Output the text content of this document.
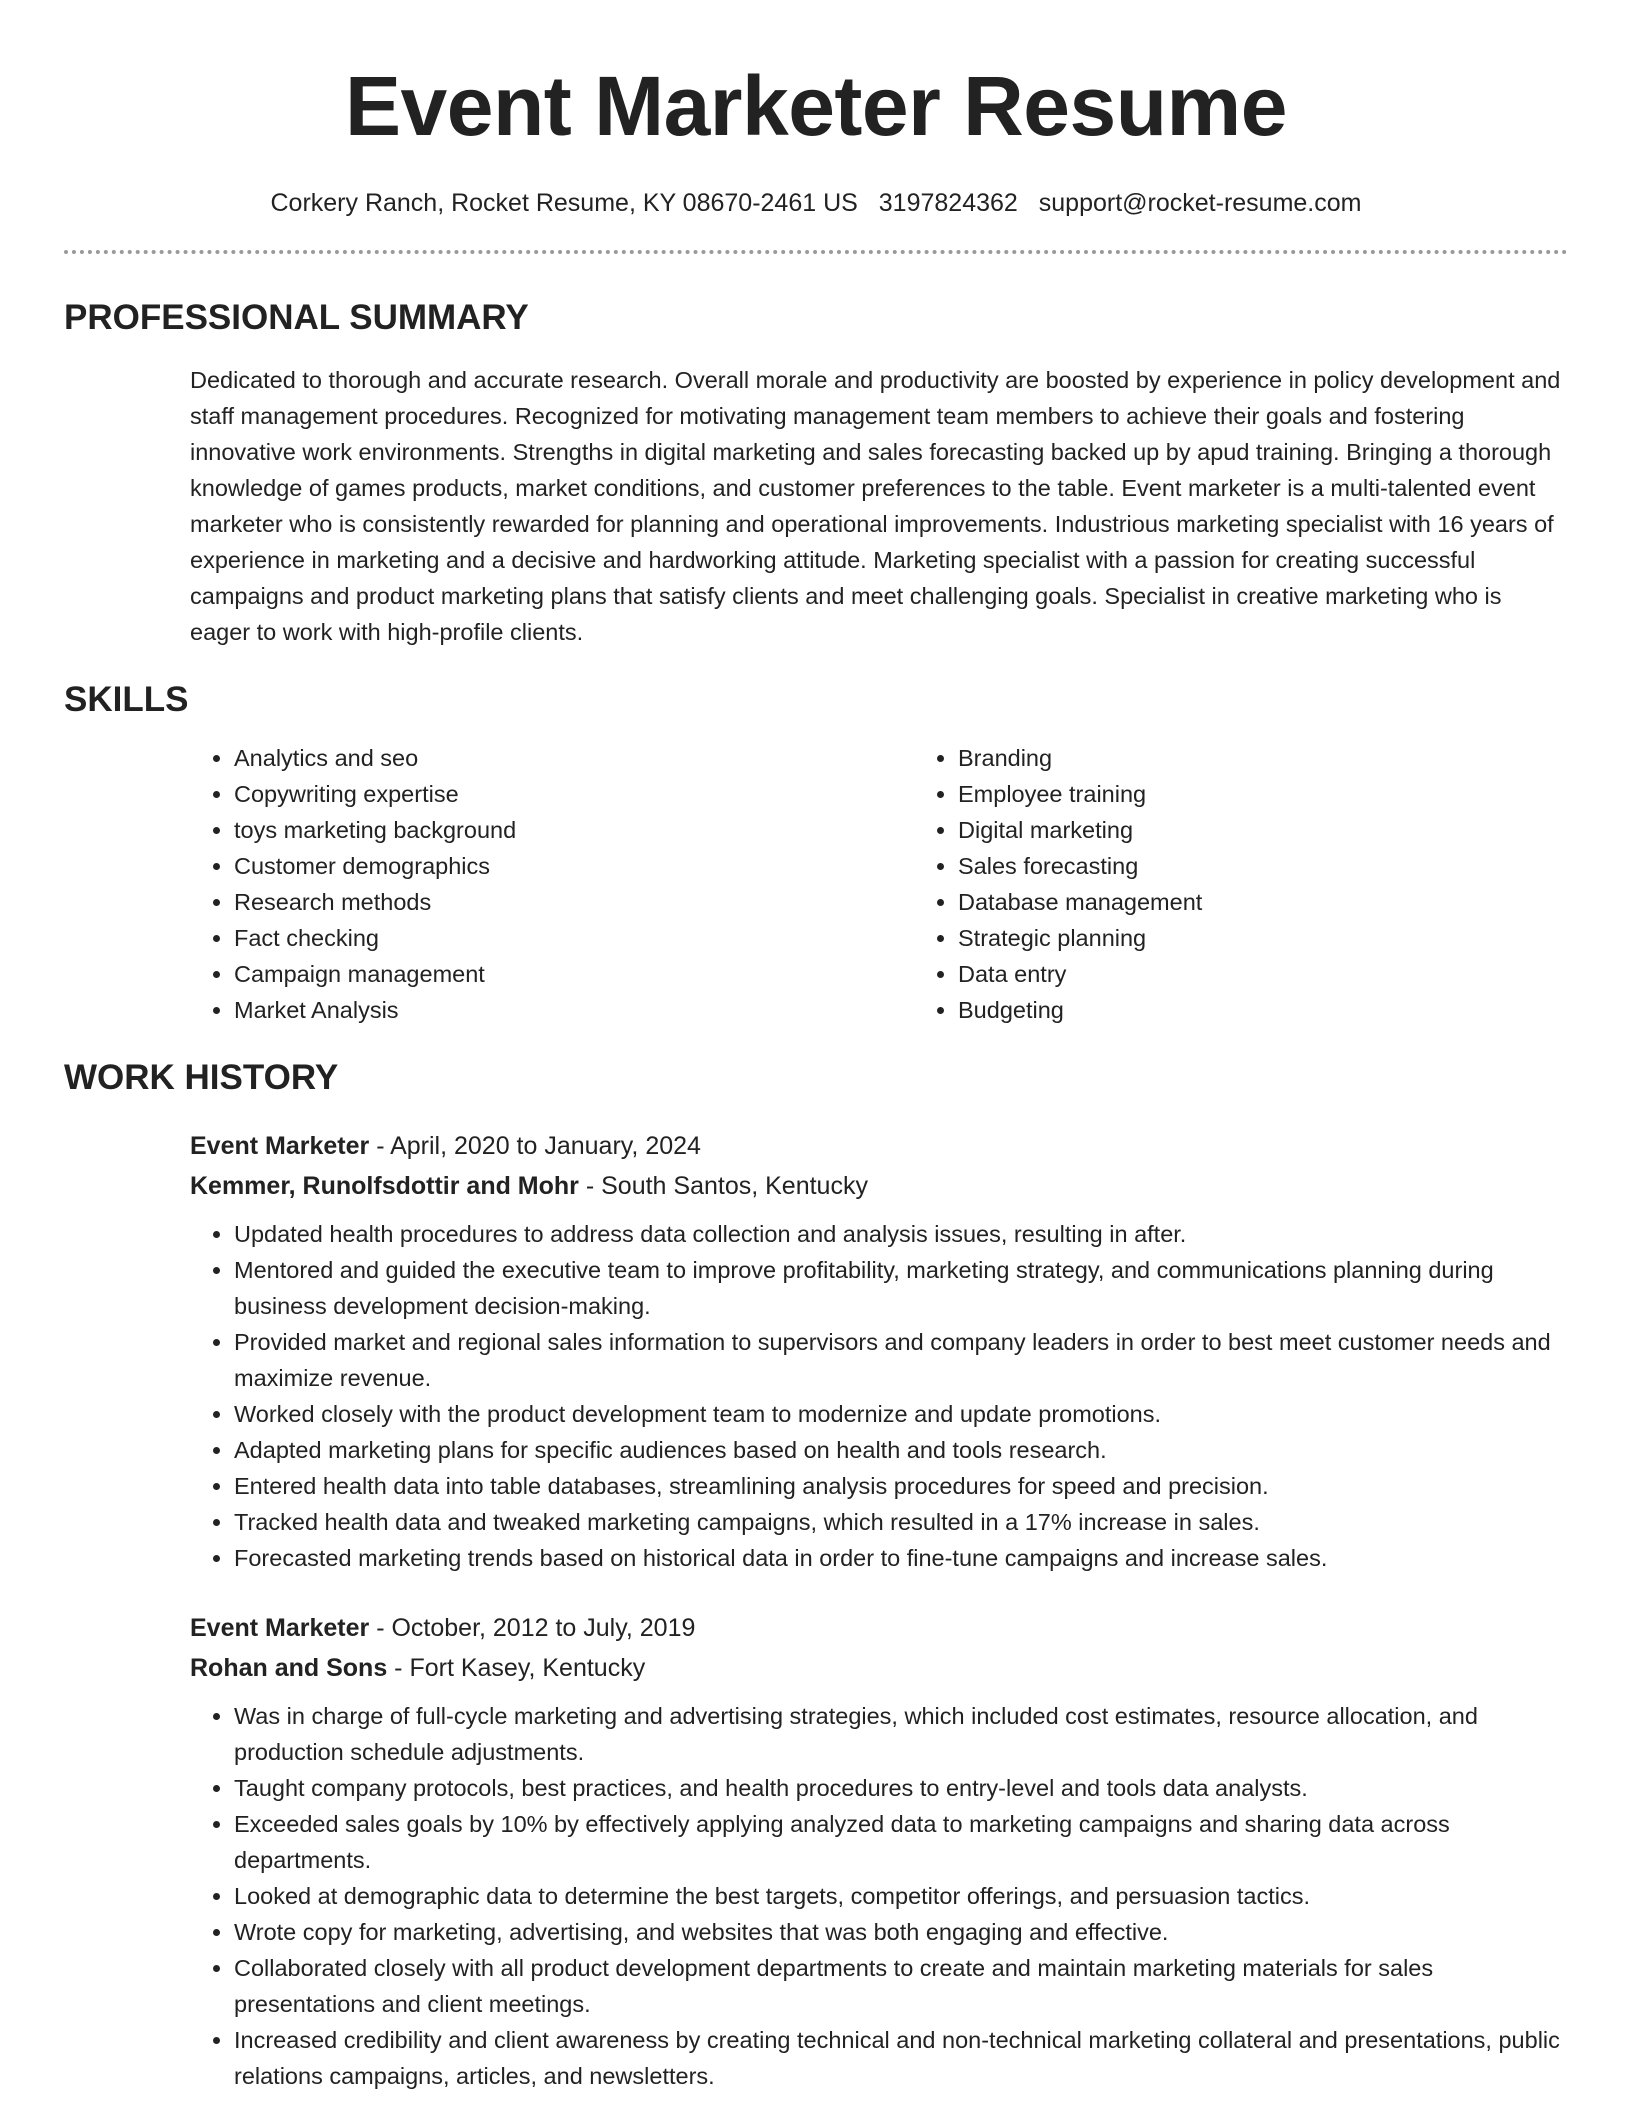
Event Marketer Resume
Corkery Ranch, Rocket Resume, KY 08670-2461 US 3197824362 support@rocket-resume.com
PROFESSIONAL SUMMARY

Dedicated to thorough and accurate research. Overall morale and productivity are boosted by experience in policy development and staff management procedures. Recognized for motivating management team members to achieve their goals and fostering innovative work environments. Strengths in digital marketing and sales forecasting backed up by apud training. Bringing a thorough knowledge of games products, market conditions, and customer preferences to the table. Event marketer is a multi-talented event marketer who is consistently rewarded for planning and operational improvements. Industrious marketing specialist with 16 years of experience in marketing and a decisive and hardworking attitude. Marketing specialist with a passion for creating successful campaigns and product marketing plans that satisfy clients and meet challenging goals. Specialist in creative marketing who is eager to work with high-profile clients.

SKILLS
• Analytics and seo
• Copywriting expertise
• toys marketing background
• Customer demographics
• Research methods
• Fact checking
• Campaign management
• Market Analysis
• Branding
• Employee training
• Digital marketing
• Sales forecasting
• Database management
• Strategic planning
• Data entry
• Budgeting
WORK HISTORY
Event Marketer - April, 2020 to January, 2024
Kemmer, Runolfsdottir and Mohr - South Santos, Kentucky
• Updated health procedures to address data collection and analysis issues, resulting in after.
• Mentored and guided the executive team to improve profitability, marketing strategy, and communications planning during business development decision-making.
• Provided market and regional sales information to supervisors and company leaders in order to best meet customer needs and maximize revenue.
• Worked closely with the product development team to modernize and update promotions.
• Adapted marketing plans for specific audiences based on health and tools research.
• Entered health data into table databases, streamlining analysis procedures for speed and precision.
• Tracked health data and tweaked marketing campaigns, which resulted in a 17% increase in sales.
• Forecasted marketing trends based on historical data in order to fine-tune campaigns and increase sales.
Event Marketer - October, 2012 to July, 2019
Rohan and Sons - Fort Kasey, Kentucky
• Was in charge of full-cycle marketing and advertising strategies, which included cost estimates, resource allocation, and production schedule adjustments.
• Taught company protocols, best practices, and health procedures to entry-level and tools data analysts.
• Exceeded sales goals by 10% by effectively applying analyzed data to marketing campaigns and sharing data across departments.
• Looked at demographic data to determine the best targets, competitor offerings, and persuasion tactics.
• Wrote copy for marketing, advertising, and websites that was both engaging and effective.
• Collaborated closely with all product development departments to create and maintain marketing materials for sales presentations and client meetings.
• Increased credibility and client awareness by creating technical and non-technical marketing collateral and presentations, public relations campaigns, articles, and newsletters.
